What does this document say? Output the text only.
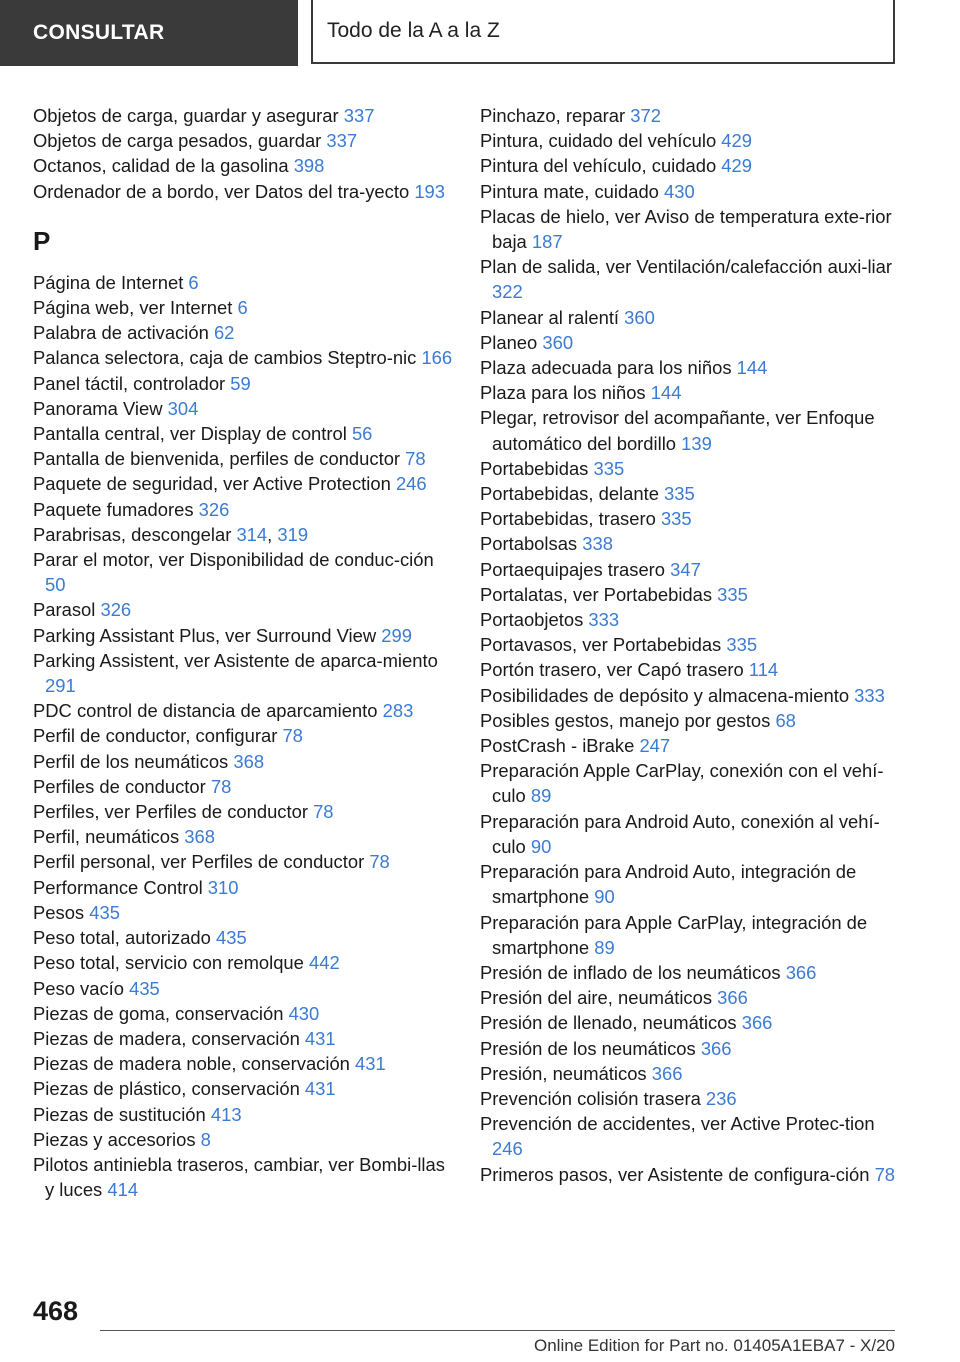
CONSULTAR	Todo de la A a la Z

Objetos de carga, guardar y asegurar 337

Objetos de carga pesados, guardar 337

Octanos, calidad de la gasolina 398

Ordenador de a bordo, ver Datos del tra-yecto 193

P

Página de Internet 6

Página web, ver Internet 6

Palabra de activación 62

Palanca selectora, caja de cambios Steptro-nic 166

Panel táctil, controlador 59

Panorama View 304

Pantalla central, ver Display de control 56

Pantalla de bienvenida, perfiles de conductor 78

Paquete de seguridad, ver Active Protection 246

Paquete fumadores 326

Parabrisas, descongelar 314, 319

Parar el motor, ver Disponibilidad de conduc-ción 50

Parasol 326

Parking Assistant Plus, ver Surround View 299

Parking Assistent, ver Asistente de aparca-miento 291

PDC control de distancia de aparcamiento 283

Perfil de conductor, configurar 78

Perfil de los neumáticos 368

Perfiles de conductor 78

Perfiles, ver Perfiles de conductor 78

Perfil, neumáticos 368

Perfil personal, ver Perfiles de conductor 78

Performance Control 310

Pesos 435

Peso total, autorizado 435

Peso total, servicio con remolque 442

Peso vacío 435

Piezas de goma, conservación 430

Piezas de madera, conservación 431

Piezas de madera noble, conservación 431

Piezas de plástico, conservación 431

Piezas de sustitución 413

Piezas y accesorios 8

Pilotos antiniebla traseros, cambiar, ver Bombi-llas y luces 414

Pinchazo, reparar 372

Pintura, cuidado del vehículo 429

Pintura del vehículo, cuidado 429

Pintura mate, cuidado 430

Placas de hielo, ver Aviso de temperatura exte-rior baja 187

Plan de salida, ver Ventilación/calefacción auxi-liar 322

Planear al ralentí 360

Planeo 360

Plaza adecuada para los niños 144

Plaza para los niños 144

Plegar, retrovisor del acompañante, ver Enfoque automático del bordillo 139

Portabebidas 335

Portabebidas, delante 335

Portabebidas, trasero 335

Portabolsas 338

Portaequipajes trasero 347

Portalatas, ver Portabebidas 335

Portaobjetos 333

Portavasos, ver Portabebidas 335

Portón trasero, ver Capó trasero 114

Posibilidades de depósito y almacena-miento 333

Posibles gestos, manejo por gestos 68

PostCrash - iBrake 247

Preparación Apple CarPlay, conexión con el vehí-culo 89

Preparación para Android Auto, conexión al vehí-culo 90

Preparación para Android Auto, integración de smartphone 90

Preparación para Apple CarPlay, integración de smartphone 89

Presión de inflado de los neumáticos 366

Presión del aire, neumáticos 366

Presión de llenado, neumáticos 366

Presión de los neumáticos 366

Presión, neumáticos 366

Prevención colisión trasera 236

Prevención de accidentes, ver Active Protec-tion 246

Primeros pasos, ver Asistente de configura-ción 78

468
Online Edition for Part no. 01405A1EBA7 - X/20
